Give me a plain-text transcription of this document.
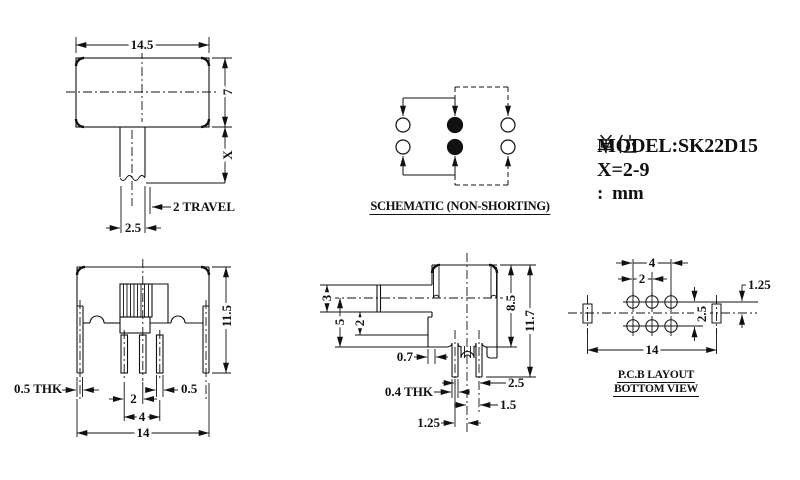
14.5
7
X
2 TRAVEL
2.5
11.5
0.5 THK	0.5
2
4
14
3
5 2
0.7
8.5
11.7
2.5
0.4 THK
1.5
1.25
4
2	1.25
2.5
14
SCHEMATIC (NON-SHORTING)
P.C.B LAYOUT
BOTTOM VIEW
MODEL:SK22D15
X=2-9
:
mm
